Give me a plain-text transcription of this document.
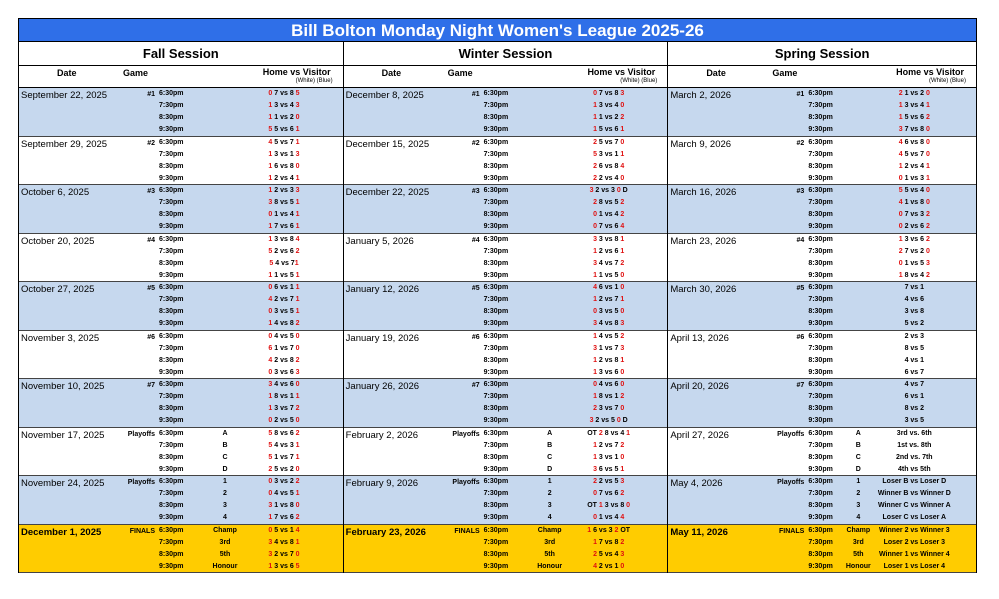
Bill Bolton Monday Night Women's League 2025-26
Fall Session
Date	Game	Home vs Visitor
(White) (Blue)
September 22, 2025	#1 6:30pm	0 7 vs 8 5
7:30pm	1 3 vs 4 3
8:30pm	1 1 vs 2 0
9:30pm	5 5 vs 6 1
September 29, 2025	#2 6:30pm	4 5 vs 7 1
7:30pm	1 3 vs 1 3
8:30pm	1 6 vs 8 0
9:30pm	1 2 vs 4 1
October 6, 2025	#3 6:30pm	1 2 vs 3 3
7:30pm	3 8 vs 5 1
8:30pm	0 1 vs 4 1
9:30pm	1 7 vs 6 1
October 20, 2025	#4 6:30pm	1 3 vs 8 4
7:30pm	5 2 vs 6 2
8:30pm	5 4 vs 71
9:30pm	1 1 vs 5 1
October 27, 2025	#5 6:30pm	0 6 vs 1 1
7:30pm	4 2 vs 7 1
8:30pm	0 3 vs 5 1
9:30pm	1 4 vs 8 2
November 3, 2025	#6 6:30pm	0 4 vs 5 0
7:30pm	6 1 vs 7 0
8:30pm	4 2 vs 8 2
9:30pm	0 3 vs 6 3
November 10, 2025	#7 6:30pm	3 4 vs 6 0
7:30pm	1 8 vs 1 1
8:30pm	1 3 vs 7 2
9:30pm	0 2 vs 5 0
November 17, 2025	Playoffs 6:30pm	A	5 8 vs 6 2
7:30pm	B	5 4 vs 3 1
8:30pm	C	5 1 vs 7 1
9:30pm	D	2 5 vs 2 0
November 24, 2025	Playoffs 6:30pm	1	0 3 vs 2 2
7:30pm	2	0 4 vs 5 1
8:30pm	3	3 1 vs 8 0
9:30pm	4	1 7 vs 6 2
December 1, 2025	FINALS 6:30pm	Champ	0 5 vs 1 4
7:30pm	3rd	3 4 vs 8 1
8:30pm	5th	3 2 vs 7 0
9:30pm	Honour	1 3 vs 6 5
Winter Session
Date	Game	Home vs Visitor
(White) (Blue)
December 8, 2025	#1 6:30pm	0 7 vs 8 3
7:30pm	1 3 vs 4 0
8:30pm	1 1 vs 2 2
9:30pm	1 5 vs 6 1
December 15, 2025	#2 6:30pm	2 5 vs 7 0
7:30pm	5 3 vs 1 1
8:30pm	2 6 vs 8 4
9:30pm	2 2 vs 4 0
December 22, 2025	#3 6:30pm	3 2 vs 3 0 D
7:30pm	2 8 vs 5 2
8:30pm	0 1 vs 4 2
9:30pm	0 7 vs 6 4
January 5, 2026	#4 6:30pm	3 3 vs 8 1
7:30pm	1 2 vs 6 1
8:30pm	3 4 vs 7 2
9:30pm	1 1 vs 5 0
January 12, 2026	#5 6:30pm	4 6 vs 1 0
7:30pm	1 2 vs 7 1
8:30pm	0 3 vs 5 0
9:30pm	3 4 vs 8 3
January 19, 2026	#6 6:30pm	1 4 vs 5 2
7:30pm	3 1 vs 7 3
8:30pm	1 2 vs 8 1
9:30pm	1 3 vs 6 0
January 26, 2026	#7 6:30pm	0 4 vs 6 0
7:30pm	1 8 vs 1 2
8:30pm	2 3 vs 7 0
9:30pm	3 2 vs 5 0 D
February 2, 2026	Playoffs 6:30pm	A	OT 2 8 vs 4 1
7:30pm	B	1 2 vs 7 2
8:30pm	C	1 3 vs 1 0
9:30pm	D	3 6 vs 5 1
February 9, 2026	Playoffs 6:30pm	1	2 2 vs 5 3
7:30pm	2	0 7 vs 6 2
8:30pm	3	OT 1 3 vs 8 0
9:30pm	4	0 1 vs 4 4
February 23, 2026	FINALS 6:30pm	Champ	1 6 vs 3 2 OT
7:30pm	3rd	1 7 vs 8 2
8:30pm	5th	2 5 vs 4 3
9:30pm	Honour	4 2 vs 1 0
Spring Session
Date	Game	Home vs Visitor
(White) (Blue)
March 2, 2026	#1 6:30pm	2 1 vs 2 0
7:30pm	1 3 vs 4 1
8:30pm	1 5 vs 6 2
9:30pm	3 7 vs 8 0
March 9, 2026	#2 6:30pm	4 6 vs 8 0
7:30pm	4 5 vs 7 0
8:30pm	1 2 vs 4 1
9:30pm	0 1 vs 3 1
March 16, 2026	#3 6:30pm	5 5 vs 4 0
7:30pm	4 1 vs 8 0
8:30pm	0 7 vs 3 2
9:30pm	0 2 vs 6 2
March 23, 2026	#4 6:30pm	1 3 vs 6 2
7:30pm	2 7 vs 2 0
8:30pm	0 1 vs 5 3
9:30pm	1 8 vs 4 2
March 30, 2026	#5 6:30pm	7 vs 1
7:30pm	4 vs 6
8:30pm	3 vs 8
9:30pm	5 vs 2
April 13, 2026	#6 6:30pm	2 vs 3
7:30pm	8 vs 5
8:30pm	4 vs 1
9:30pm	6 vs 7
April 20, 2026	#7 6:30pm	4 vs 7
7:30pm	6 vs 1
8:30pm	8 vs 2
9:30pm	3 vs 5
April 27, 2026	Playoffs 6:30pm	A	3rd vs. 6th
7:30pm	B	1st vs. 8th
8:30pm	C	2nd vs. 7th
9:30pm	D	4th vs 5th
May 4, 2026	Playoffs 6:30pm	1	Loser B vs Loser D
7:30pm	2	Winner B vs Winner D
8:30pm	3	Winner C vs Winner A
9:30pm	4	Loser C vs Loser A
May 11, 2026	FINALS 6:30pm	Champ	Winner 2 vs Winner 3
7:30pm	3rd	Loser 2 vs Loser 3
8:30pm	5th	Winner 1 vs Winner 4
9:30pm	Honour	Loser 1 vs Loser 4
